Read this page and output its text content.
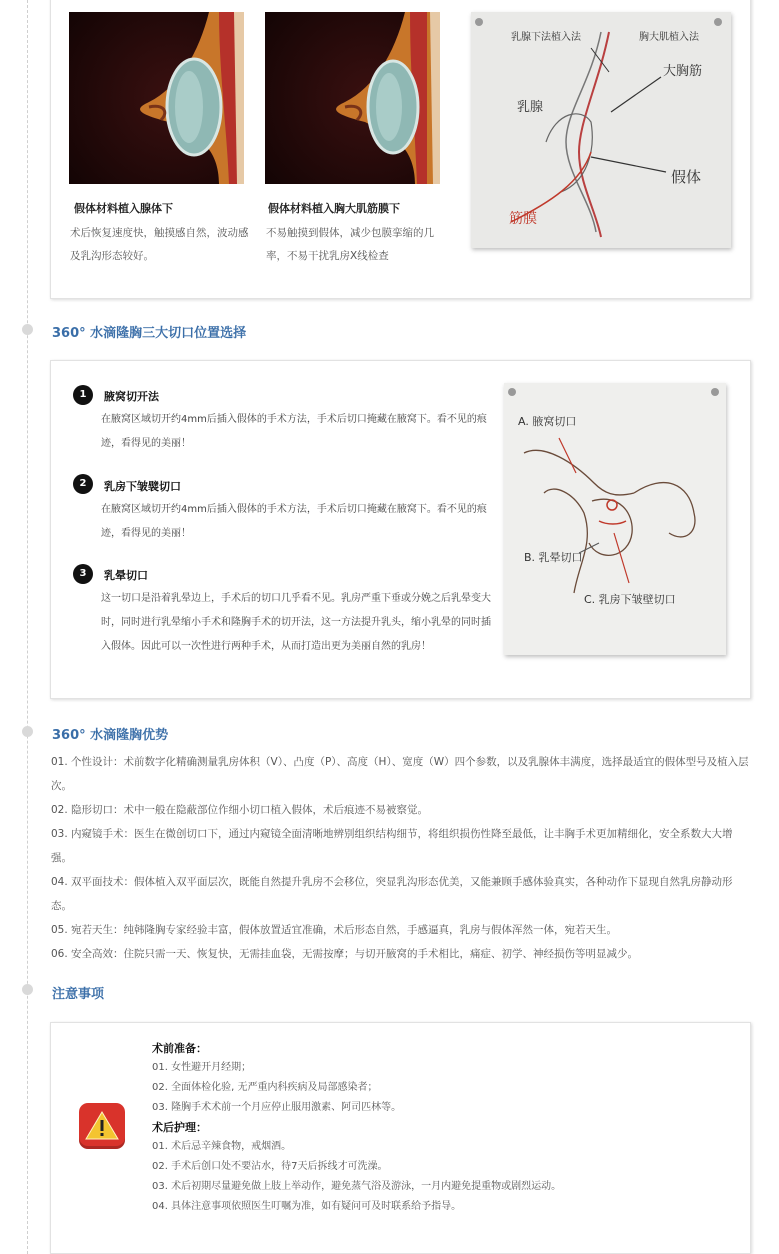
假体材料植入腺体下
术后恢复速度快，触摸感自然，波动感及乳沟形态较好。
假体材料植入胸大肌筋膜下
不易触摸到假体，减少包膜挛缩的几率，不易干扰乳房X线检查
乳腺下法植入法	胸大肌植入法
大胸筋
乳腺
筋膜
假体
360° 水滴隆胸三大切口位置选择
1	腋窝切开法
在腋窝区域切开约4mm后插入假体的手术方法，手术后切口掩藏在腋窝下。看不见的痕迹，看得见的美丽！
2	乳房下皱襞切口
在腋窝区域切开约4mm后插入假体的手术方法，手术后切口掩藏在腋窝下。看不见的痕迹，看得见的美丽！
3	乳晕切口
这一切口是沿着乳晕边上，手术后的切口几乎看不见。乳房严重下垂或分娩之后乳晕变大时，同时进行乳晕缩小手术和隆胸手术的切开法，这一方法提升乳头，缩小乳晕的同时插入假体。因此可以一次性进行两种手术，从而打造出更为美丽自然的乳房！
A. 腋窝切口
B. 乳晕切口
C. 乳房下皱壁切口
360° 水滴隆胸优势
01. 个性设计：术前数字化精确测量乳房体积（V）、凸度（P）、高度（H）、宽度（W）四个参数，以及乳腺体丰满度，选择最适宜的假体型号及植入层次。
02. 隐形切口：术中一般在隐蔽部位作细小切口植入假体，术后痕迹不易被察觉。
03. 内窥镜手术：医生在微创切口下，通过内窥镜全面清晰地辨别组织结构细节，将组织损伤性降至最低，让丰胸手术更加精细化，安全系数大大增强。
04. 双平面技术：假体植入双平面层次，既能自然提升乳房不会移位，突显乳沟形态优美，又能兼顾手感体验真实，各种动作下显现自然乳房静动形态。
05. 宛若天生：纯韩隆胸专家经验丰富，假体放置适宜准确，术后形态自然，手感逼真，乳房与假体浑然一体，宛若天生。
06. 安全高效：住院只需一天、恢复快，无需挂血袋，无需按摩；与切开腋窝的手术相比，痛症、初学、神经损伤等明显减少。
注意事项
术前准备：
01. 女性避开月经期；
02. 全面体检化验, 无严重内科疾病及局部感染者；
03. 隆胸手术术前一个月应停止服用激素、阿司匹林等。
术后护理：
01. 术后忌辛辣食物，戒烟酒。
02. 手术后创口处不要沾水，待7天后拆线才可洗澡。
03. 术后初期尽量避免做上肢上举动作，避免蒸气浴及游泳，一月内避免提重物或剧烈运动。
04. 具体注意事项依照医生叮嘱为准，如有疑问可及时联系给予指导。
